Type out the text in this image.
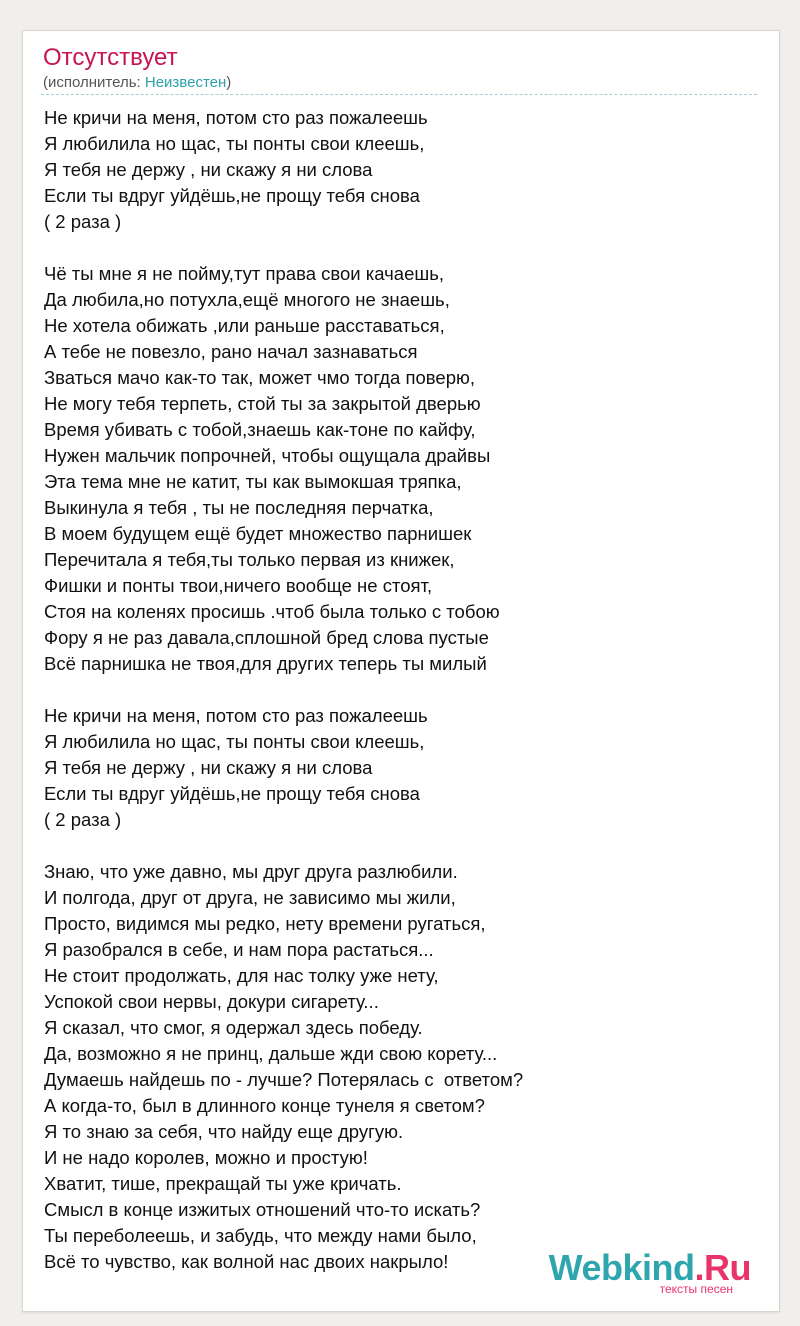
Отсутствует
(исполнитель: Неизвестен)
Не кричи на меня, потом сто раз пожалеешь
Я любилила но щас, ты понты свои клеешь,
Я тебя не держу , ни скажу я ни слова
Если ты вдруг уйдёшь,не прощу тебя снова
( 2 раза )
Чё ты мне я не пойму,тут права свои качаешь,
Да любила,но потухла,ещё многого не знаешь,
Не хотела обижать ,или раньше расставаться,
А тебе не повезло, рано начал зазнаваться
Зваться мачо как-то так, может чмо тогда поверю,
Не могу тебя терпеть, стой ты за закрытой дверью
Время убивать с тобой,знаешь как-тоне по кайфу,
Нужен мальчик попрочней, чтобы ощущала драйвы
Эта тема мне не катит, ты как вымокшая тряпка,
Выкинула я тебя , ты не последняя перчатка,
В моем будущем ещё будет множество парнишек
Перечитала я тебя,ты только первая из книжек,
Фишки и понты твои,ничего вообще не стоят,
Стоя на коленях просишь .чтоб была только с тобою
Фору я не раз давала,сплошной бред слова пустые
Всё парнишка не твоя,для других теперь ты милый
Не кричи на меня, потом сто раз пожалеешь
Я любилила но щас, ты понты свои клеешь,
Я тебя не держу , ни скажу я ни слова
Если ты вдруг уйдёшь,не прощу тебя снова
( 2 раза )
Знаю, что уже давно, мы друг друга разлюбили.
И полгода, друг от друга, не зависимо мы жили,
Просто, видимся мы редко, нету времени ругаться,
Я разобрался в себе, и нам пора растаться...
Не стоит продолжать, для нас толку уже нету,
Успокой свои нервы, докури сигарету...
Я сказал, что смог, я одержал здесь победу.
Да, возможно я не принц, дальше жди свою корету...
Думаешь найдешь по - лучше? Потерялась с  ответом?
А когда-то, был в длинного конце тунеля я светом?
Я то знаю за себя, что найду еще другую.
И не надо королев, можно и простую!
Хватит, тише, прекращай ты уже кричать.
Смысл в конце изжитых отношений что-то искать?
Ты переболеешь, и забудь, что между нами было,
Всё то чувство, как волной нас двоих накрыло!	Webkind.Ru
тексты песен
